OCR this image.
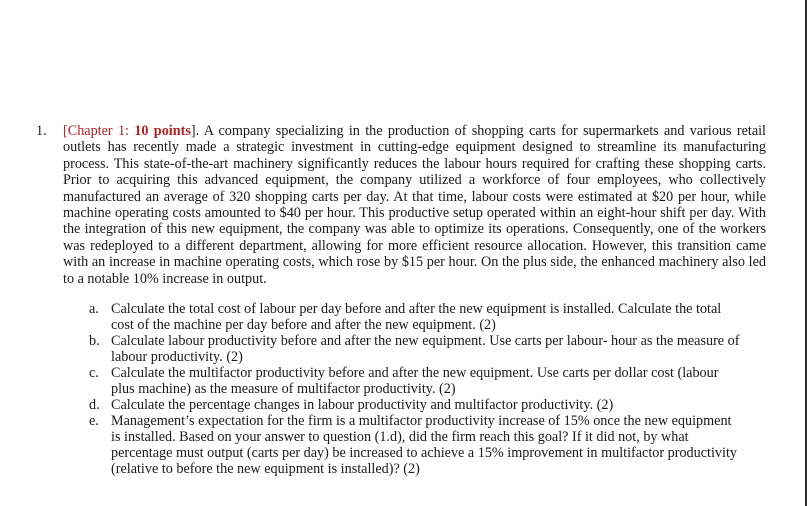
1.	[Chapter 1: 10 points]. A company specializing in the production of shopping carts for supermarkets and various retail outlets has recently made a strategic investment in cutting-edge equipment designed to streamline its manufacturing process. This state-of-the-art machinery significantly reduces the labour hours required for crafting these shopping carts. Prior to acquiring this advanced equipment, the company utilized a workforce of four employees, who collectively manufactured an average of 320 shopping carts per day. At that time, labour costs were estimated at $20 per hour, while machine operating costs amounted to $40 per hour. This productive setup operated within an eight-hour shift per day. With the integration of this new equipment, the company was able to optimize its operations. Consequently, one of the workers was redeployed to a different department, allowing for more efficient resource allocation. However, this transition came with an increase in machine operating costs, which rose by $15 per hour. On the plus side, the enhanced machinery also led to a notable 10% increase in output.
a. Calculate the total cost of labour per day before and after the new equipment is installed. Calculate the total cost of the machine per day before and after the new equipment. (2)
b. Calculate labour productivity before and after the new equipment. Use carts per labour- hour as the measure of labour productivity. (2)
c. Calculate the multifactor productivity before and after the new equipment. Use carts per dollar cost (labour plus machine) as the measure of multifactor productivity. (2)
d. Calculate the percentage changes in labour productivity and multifactor productivity. (2)
e. Management’s expectation for the firm is a multifactor productivity increase of 15% once the new equipment is installed. Based on your answer to question (1.d), did the firm reach this goal? If it did not, by what percentage must output (carts per day) be increased to achieve a 15% improvement in multifactor productivity (relative to before the new equipment is installed)? (2)
